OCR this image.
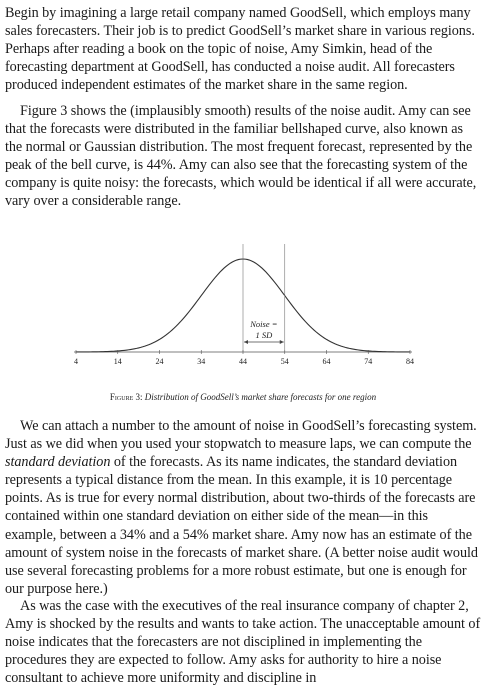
Begin by imagining a large retail company named GoodSell, which employs many sales forecasters. Their job is to predict GoodSell’s market share in various regions. Perhaps after reading a book on the topic of noise, Amy Simkin, head of the forecasting department at GoodSell, has conducted a noise audit. All forecasters produced independent estimates of the market share in the same region.

Figure 3 shows the (implausibly smooth) results of the noise audit. Amy can see that the forecasts were distributed in the familiar bellshaped curve, also known as the normal or Gaussian distribution. The most frequent forecast, represented by the peak of the bell curve, is 44%. Amy can also see that the forecasting system of the company is quite noisy: the forecasts, which would be identical if all were accurate, vary over a considerable range.

We can attach a number to the amount of noise in GoodSell’s forecasting system. Just as we did when you used your stopwatch to measure laps, we can compute the standard deviation of the forecasts. As its name indicates, the standard deviation represents a typical distance from the mean. In this example, it is 10 percentage points. As is true for every normal distribution, about two-thirds of the forecasts are contained within one standard deviation on either side of the mean—in this example, between a 34% and a 54% market share. Amy now has an estimate of the amount of system noise in the forecasts of market share. (A better noise audit would use several forecasting problems for a more robust estimate, but one is enough for our purpose here.)

As was the case with the executives of the real insurance company of chapter 2, Amy is shocked by the results and wants to take action. The unacceptable amount of noise indicates that the forecasters are not disciplined in implementing the procedures they are expected to follow. Amy asks for authority to hire a noise consultant to achieve more uniformity and discipline in

Figure 3: Distribution of GoodSell’s market share forecasts for one region
4	14	24	34	44	54	64	74	84
Noise =
1 SD
